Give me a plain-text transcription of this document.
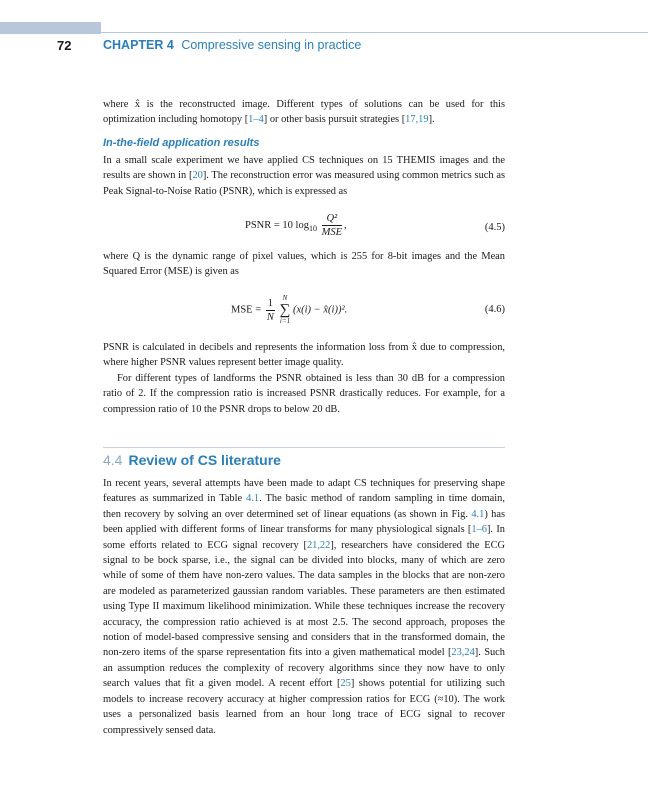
72	CHAPTER 4 Compressive sensing in practice

where x̂ is the reconstructed image. Different types of solutions can be used for this optimization including homotopy [1–4] or other basis pursuit strategies [17,19].

In-the-field application results

In a small scale experiment we have applied CS techniques on 15 THEMIS images and the results are shown in [20]. The reconstruction error was measured using common metrics such as Peak Signal-to-Noise Ratio (PSNR), which is expressed as

PSNR = 10 $\log_{10} \frac{\text{Q²}}{\text{MSE}}$ ,	(4.5)

where Q is the dynamic range of pixel values, which is 255 for 8-bit images and the Mean Squared Error (MSE) is given as

MSE = $\frac{1}{N}$
	N
∑
i=1
(x(i) − x̂(i))².	(4.6)

PSNR is calculated in decibels and represents the information loss from x̂ due to compression, where higher PSNR values represent better image quality.

For different types of landforms the PSNR obtained is less than 30 dB for a compression ratio of 2. If the compression ratio is increased PSNR drastically reduces. For example, for a compression ratio of 10 the PSNR drops to below 20 dB.

4.4 Review of CS literature

In recent years, several attempts have been made to adapt CS techniques for preserving shape features as summarized in Table 4.1. The basic method of random sampling in time domain, then recovery by solving an over determined set of linear equations (as shown in Fig. 4.1) has been applied with different forms of linear transforms for many physiological signals [1–6]. In some efforts related to ECG signal recovery [21,22], researchers have considered the ECG signal to be bock sparse, i.e., the signal can be divided into blocks, many of which are zero while of some of them have non-zero values. The data samples in the blocks that are non-zero are modeled as parameterized gaussian random variables. These parameters are then estimated using Type II maximum likelihood minimization. While these techniques increase the recovery accuracy, the compression ratio achieved is at most 2.5. The second approach, proposes the notion of model-based compressive sensing and considers that in the transformed domain, the non-zero items of the sparse representation fits into a given mathematical model [23,24]. Such an assumption reduces the complexity of recovery algorithms since they now have to only search values that fit a given model. A recent effort [25] shows potential for utilizing such models to increase recovery accuracy at higher compression ratios for ECG (≈10). The work uses a personalized basis learned from an hour long trace of ECG signal to recover compressively sensed data.
